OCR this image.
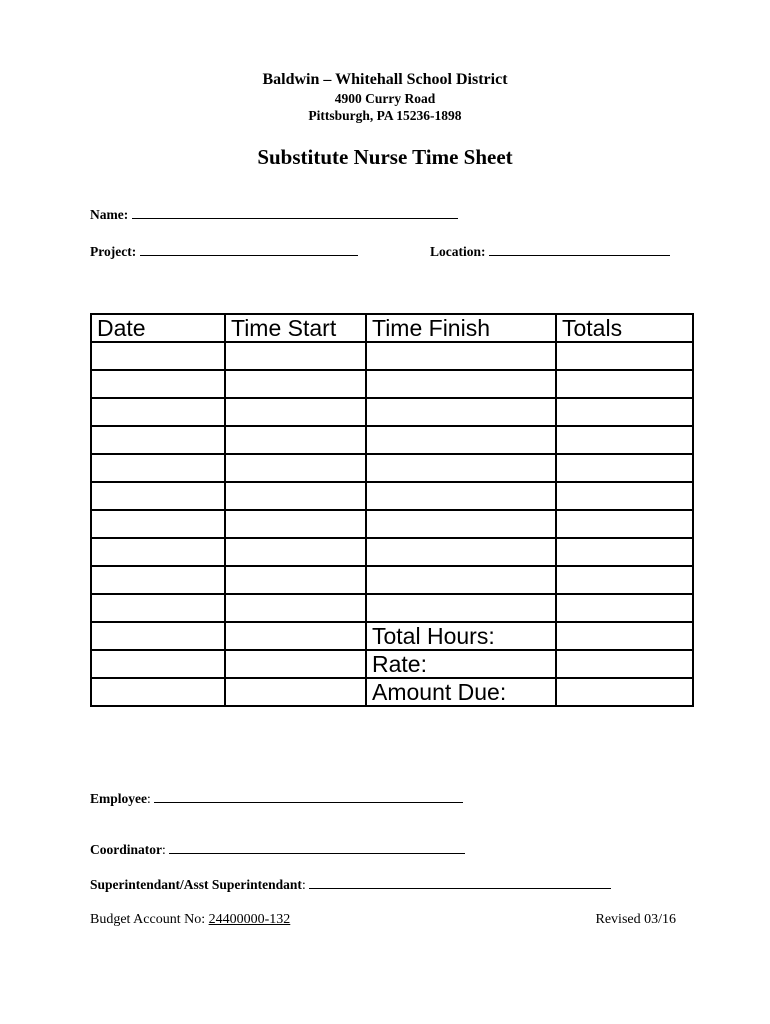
Baldwin – Whitehall School District
4900 Curry Road
Pittsburgh, PA 15236-1898
Substitute Nurse Time Sheet
Name:
Project:	Location:
Date	Time Start	Time Finish	Totals

		Total Hours:	
		Rate:	
		Amount Due:	
Employee:
Coordinator:
Superintendant/Asst Superintendant:
Budget Account No: 24400000-132	Revised 03/16
